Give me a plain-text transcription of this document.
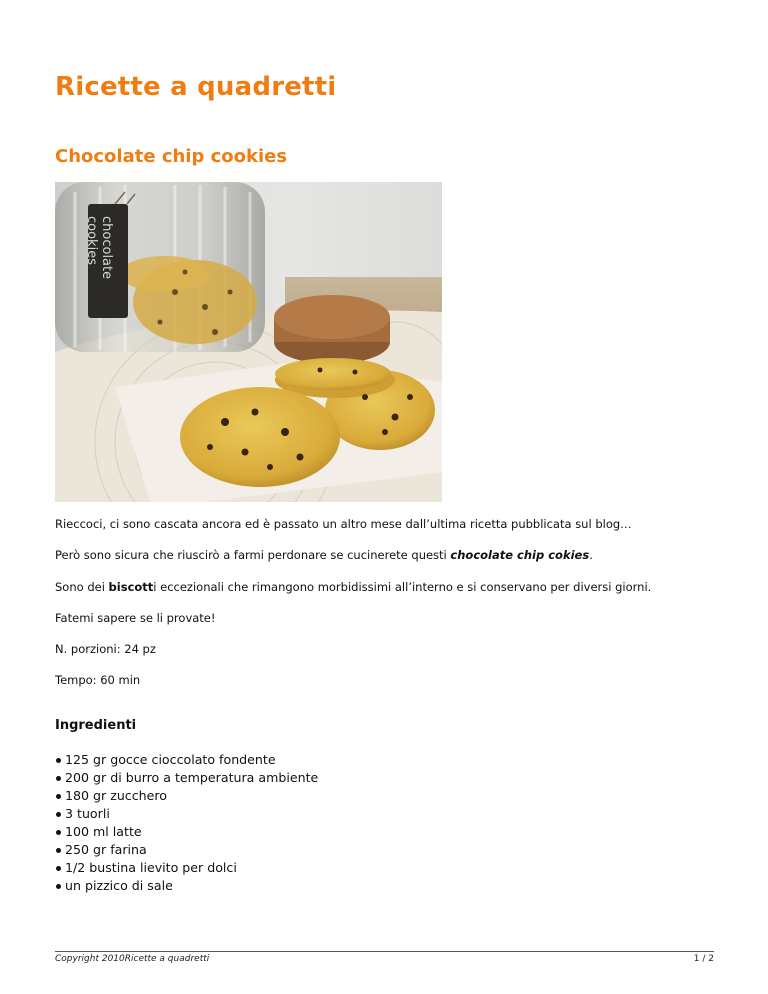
Ricette a quadretti
Chocolate chip cookies
chocolate
cookies

Rieccoci, ci sono cascata ancora ed è passato un altro mese dall’ultima ricetta pubblicata sul blog…

Però sono sicura che riuscirò a farmi perdonare se cucinerete questi chocolate chip cokies.

Sono dei biscotti eccezionali che rimangono morbidissimi all’interno e si conservano per diversi giorni.

Fatemi sapere se li provate!

N. porzioni: 24 pz

Tempo: 60 min

Ingredienti
125 gr gocce cioccolato fondente
200 gr di burro a temperatura ambiente
180 gr zucchero
3 tuorli
100 ml latte
250 gr farina
1/2 bustina lievito per dolci
un pizzico di sale
Copyright 2010Ricette a quadretti	1 / 2
